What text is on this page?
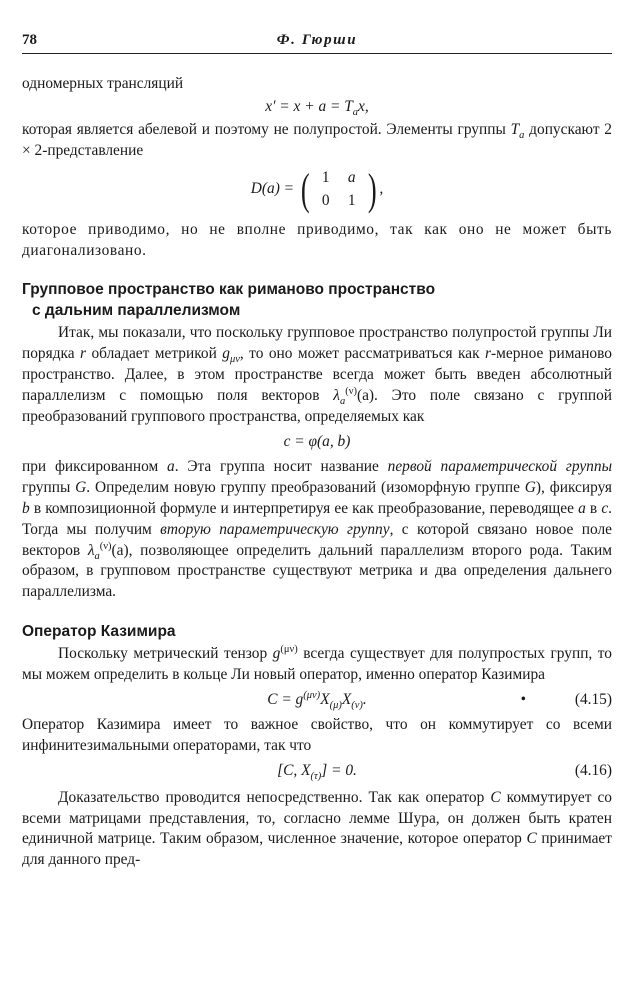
78	Ф. Гюрши

одномерных трансляций

$x' = x + a = T_ax$,

которая является абелевой и поэтому не полупростой. Элементы группы $T_a$ допускают 2 × 2-представление

D(a) = ( 1	a
0	1 ) ,

которое приводимо, но не вполне приводимо, так как оно не может быть диагонализовано.

Групповое пространство как риманово пространство
с дальним параллелизмом

Итак, мы показали, что поскольку групповое пространство полупростой группы Ли порядка r обладает метрикой $g_{\mu\nu}$, то оно может рассматриваться как r-мерное риманово пространство. Далее, в этом пространстве всегда может быть введен абсолютный параллелизм с помощью поля векторов $\lambda_a^{(\nu)}(a)$. Это поле связано с группой преобразований группового пространства, определяемых как

c = φ(a, b)

при фиксированном a. Эта группа носит название первой параметрической группы группы G. Определим новую группу преобразований (изоморфную группе G), фиксируя b в композиционной формуле и интерпретируя ее как преобразование, переводящее a в c. Тогда мы получим вторую параметрическую группу, с которой связано новое поле векторов $\lambda_a^{(\nu)}(a)$, позволяющее определить дальний параллелизм второго рода. Таким образом, в групповом пространстве существуют метрика и два определения дальнего параллелизма.

Оператор Казимира

Поскольку метрический тензор $g^{(\mu\nu)}$ всегда существует для полупростых групп, то мы можем определить в кольце Ли новый оператор, именно оператор Казимира

$C = g^{(\mu\nu)}X_{(\mu)}X_{(\nu)}$.	•	(4.15)

Оператор Казимира имеет то важное свойство, что он коммутирует со всеми инфинитезимальными операторами, так что

[C, $X_{(\tau)}] = 0$.	(4.16)

Доказательство проводится непосредственно. Так как оператор C коммутирует со всеми матрицами представления, то, согласно лемме Шура, он должен быть кратен единичной матрице. Таким образом, численное значение, которое оператор C принимает для данного пред-
